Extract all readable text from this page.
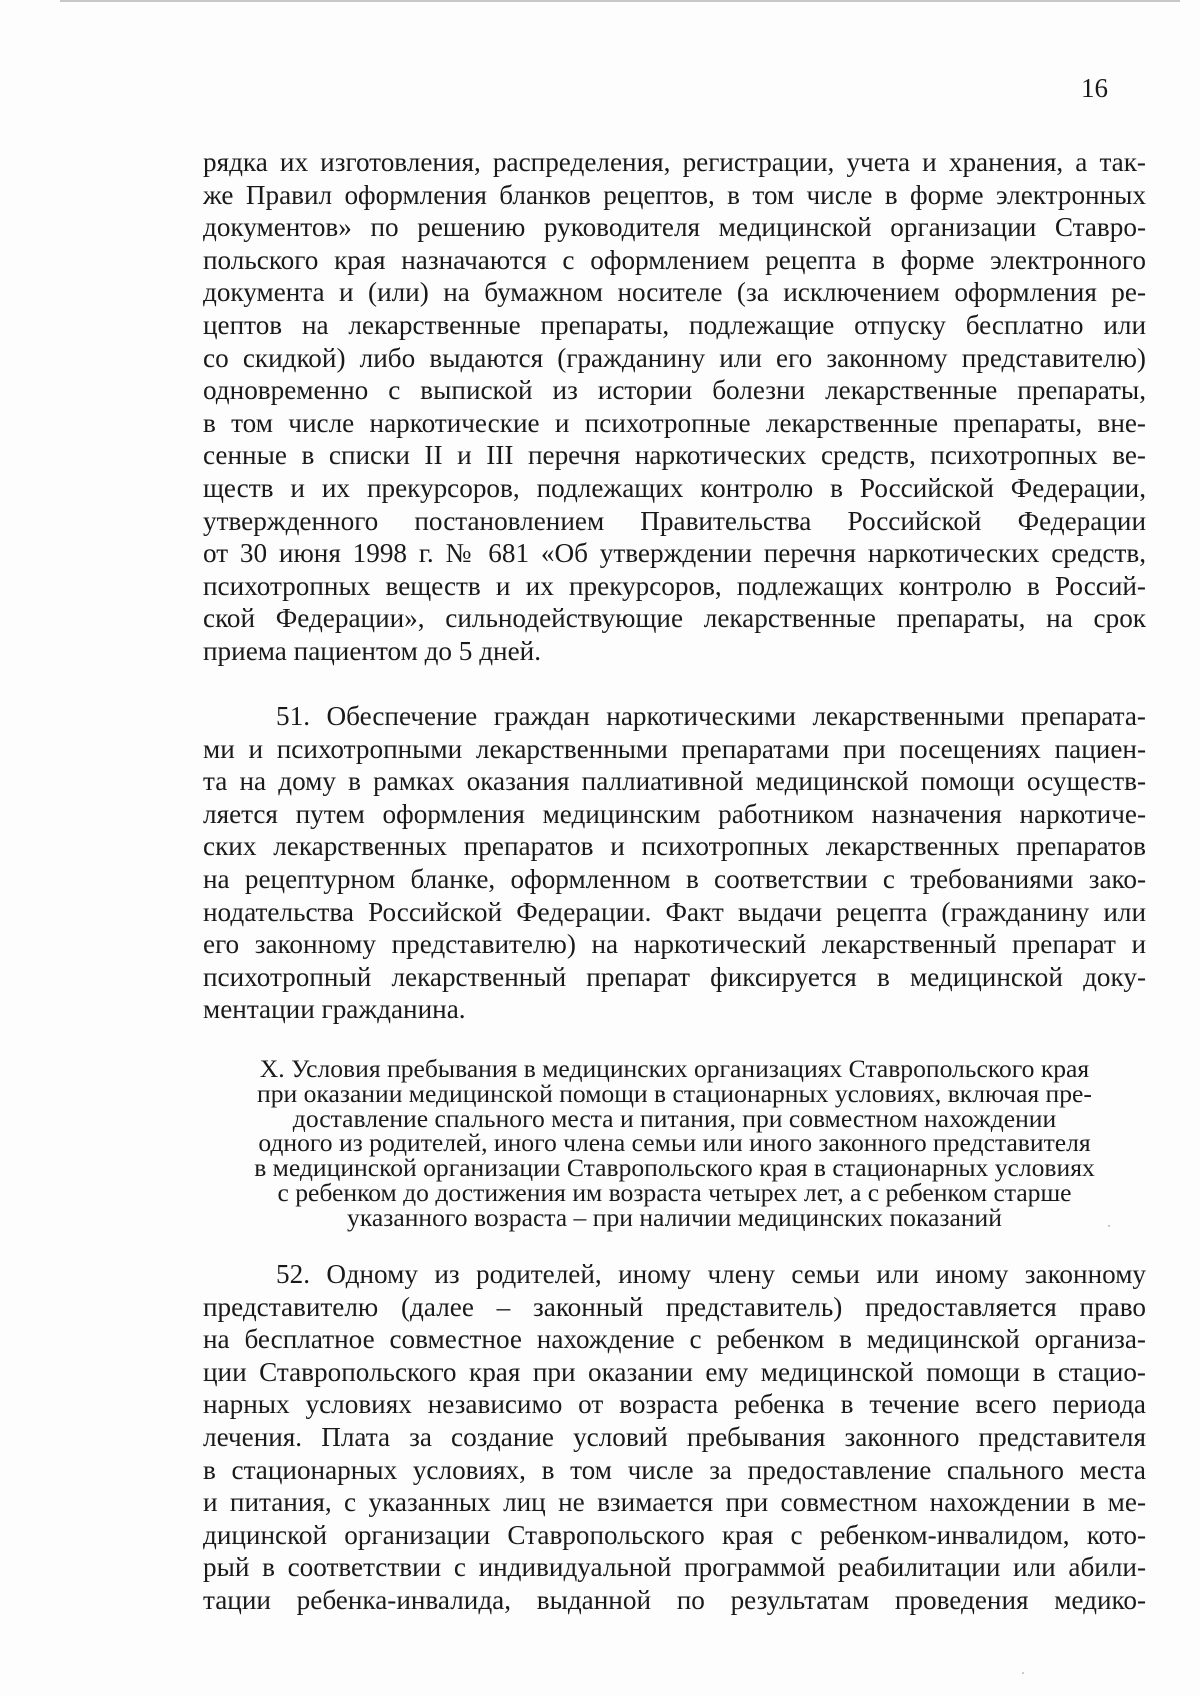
16
рядка их изготовления, распределения, регистрации, учета и хранения, а так-
же Правил оформления бланков рецептов, в том числе в форме электронных
документов» по решению руководителя медицинской организации Ставро-
польского края назначаются с оформлением рецепта в форме электронного
документа и (или) на бумажном носителе (за исключением оформления ре-
цептов на лекарственные препараты, подлежащие отпуску бесплатно или
со скидкой) либо выдаются (гражданину или его законному представителю)
одновременно с выпиской из истории болезни лекарственные препараты,
в том числе наркотические и психотропные лекарственные препараты, вне-
сенные в списки II и III перечня наркотических средств, психотропных ве-
ществ и их прекурсоров, подлежащих контролю в Российской Федерации,
утвержденного постановлением Правительства Российской Федерации
от 30 июня 1998 г. № 681 «Об утверждении перечня наркотических средств,
психотропных веществ и их прекурсоров, подлежащих контролю в Россий-
ской Федерации», сильнодействующие лекарственные препараты, на срок
приема пациентом до 5 дней.
51. Обеспечение граждан наркотическими лекарственными препарата-
ми и психотропными лекарственными препаратами при посещениях пациен-
та на дому в рамках оказания паллиативной медицинской помощи осуществ-
ляется путем оформления медицинским работником назначения наркотиче-
ских лекарственных препаратов и психотропных лекарственных препаратов
на рецептурном бланке, оформленном в соответствии с требованиями зако-
нодательства Российской Федерации. Факт выдачи рецепта (гражданину или
его законному представителю) на наркотический лекарственный препарат и
психотропный лекарственный препарат фиксируется в медицинской доку-
ментации гражданина.
X. Условия пребывания в медицинских организациях Ставропольского края
при оказании медицинской помощи в стационарных условиях, включая пре-
доставление спального места и питания, при совместном нахождении
одного из родителей, иного члена семьи или иного законного представителя
в медицинской организации Ставропольского края в стационарных условиях
с ребенком до достижения им возраста четырех лет, а с ребенком старше
указанного возраста – при наличии медицинских показаний
52. Одному из родителей, иному члену семьи или иному законному
представителю (далее – законный представитель) предоставляется право
на бесплатное совместное нахождение с ребенком в медицинской организа-
ции Ставропольского края при оказании ему медицинской помощи в стацио-
нарных условиях независимо от возраста ребенка в течение всего периода
лечения. Плата за создание условий пребывания законного представителя
в стационарных условиях, в том числе за предоставление спального места
и питания, с указанных лиц не взимается при совместном нахождении в ме-
дицинской организации Ставропольского края с ребенком-инвалидом, кото-
рый в соответствии с индивидуальной программой реабилитации или абили-
тации ребенка-инвалида, выданной по результатам проведения медико-
